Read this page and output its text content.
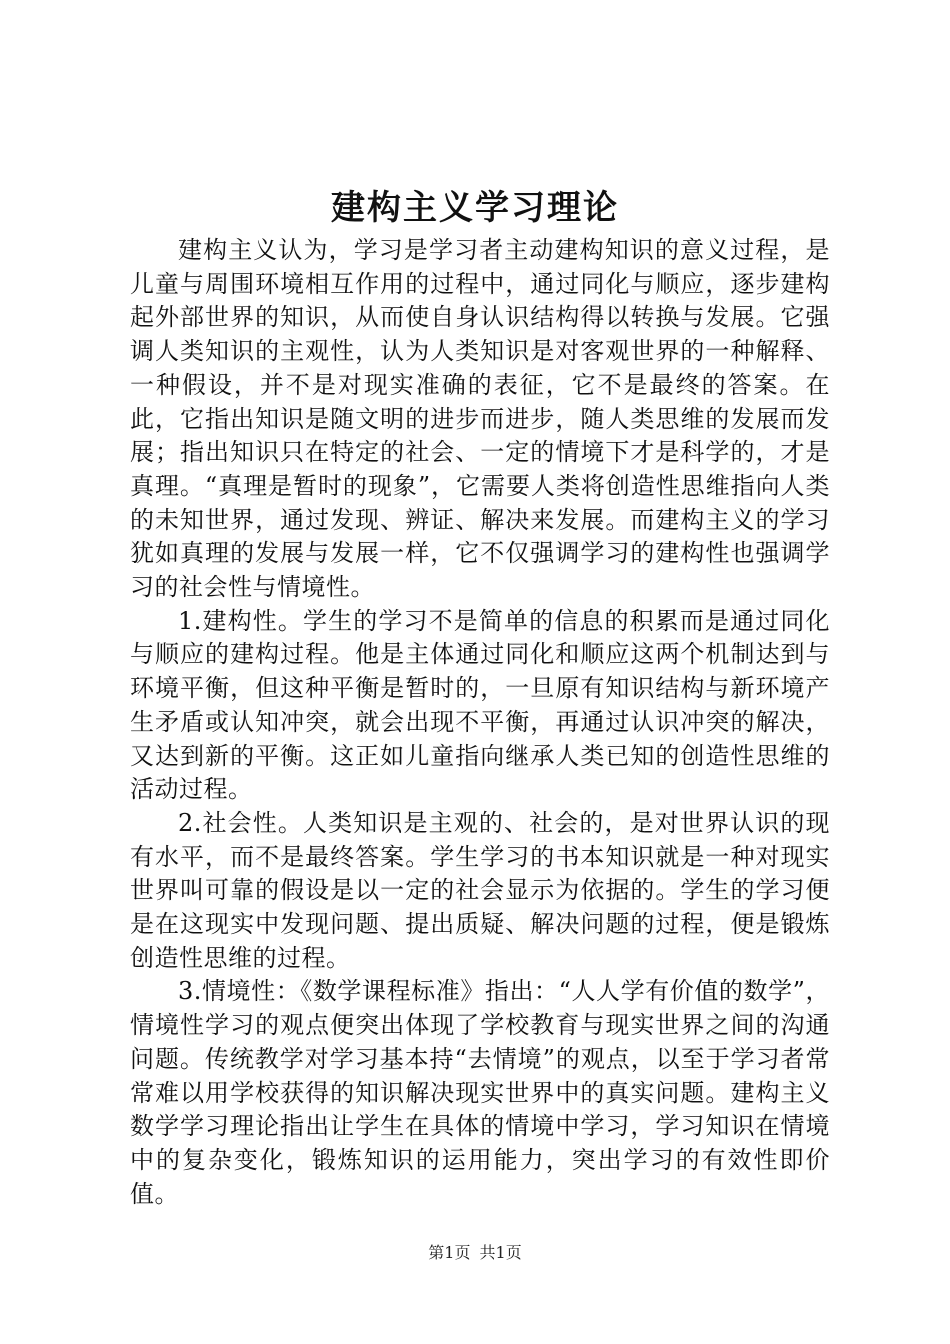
建构主义学习理论

建构主义认为，学习是学习者主动建构知识的意义过程，是儿童与周围环境相互作用的过程中，通过同化与顺应，逐步建构起外部世界的知识，从而使自身认识结构得以转换与发展。它强调人类知识的主观性，认为人类知识是对客观世界的一种解释、一种假设，并不是对现实准确的表征，它不是最终的答案。在此，它指出知识是随文明的进步而进步，随人类思维的发展而发展；指出知识只在特定的社会、一定的情境下才是科学的，才是真理。“真理是暂时的现象”，它需要人类将创造性思维指向人类的未知世界，通过发现、辨证、解决来发展。而建构主义的学习犹如真理的发展与发展一样，它不仅强调学习的建构性也强调学习的社会性与情境性。

1.建构性。学生的学习不是简单的信息的积累而是通过同化与顺应的建构过程。他是主体通过同化和顺应这两个机制达到与环境平衡，但这种平衡是暂时的，一旦原有知识结构与新环境产生矛盾或认知冲突，就会出现不平衡，再通过认识冲突的解决，又达到新的平衡。这正如儿童指向继承人类已知的创造性思维的活动过程。

2.社会性。人类知识是主观的、社会的，是对世界认识的现有水平，而不是最终答案。学生学习的书本知识就是一种对现实世界叫可靠的假设是以一定的社会显示为依据的。学生的学习便是在这现实中发现问题、提出质疑、解决问题的过程，便是锻炼创造性思维的过程。

3.情境性：《数学课程标准》指出：“人人学有价值的数学”，情境性学习的观点便突出体现了学校教育与现实世界之间的沟通问题。传统教学对学习基本持“去情境”的观点，以至于学习者常常难以用学校获得的知识解决现实世界中的真实问题。建构主义数学学习理论指出让学生在具体的情境中学习，学习知识在情境中的复杂变化，锻炼知识的运用能力，突出学习的有效性即价值。

第1页 共1页
